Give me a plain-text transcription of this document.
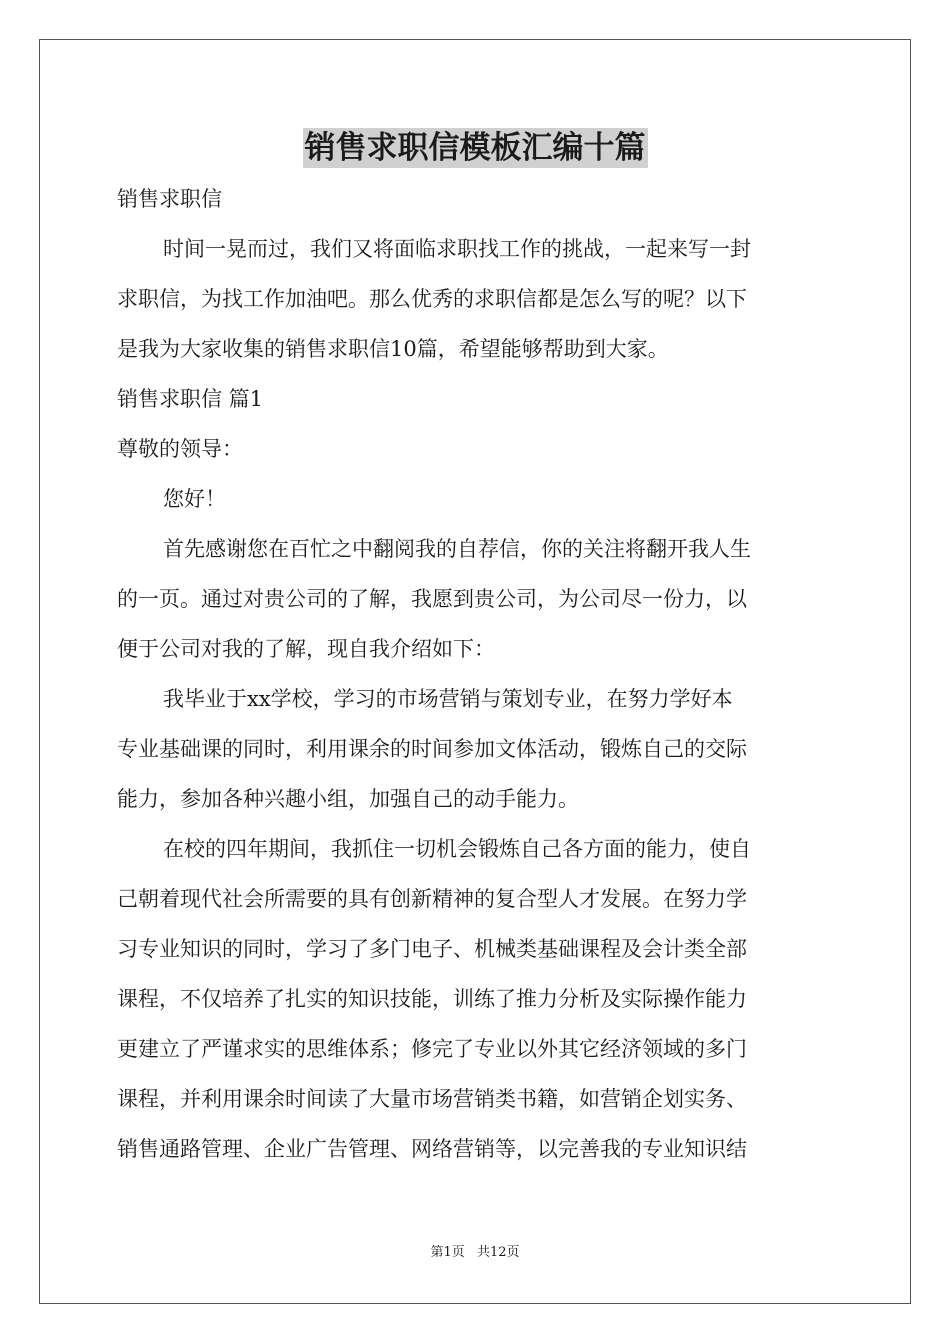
销售求职信模板汇编十篇
销售求职信
时间一晃而过，我们又将面临求职找工作的挑战，一起来写一封
求职信，为找工作加油吧。那么优秀的求职信都是怎么写的呢？以下
是我为大家收集的销售求职信10篇，希望能够帮助到大家。
销售求职信 篇1
尊敬的领导：
您好！
首先感谢您在百忙之中翻阅我的自荐信，你的关注将翻开我人生
的一页。通过对贵公司的了解，我愿到贵公司，为公司尽一份力，以
便于公司对我的了解，现自我介绍如下：
我毕业于xx学校，学习的市场营销与策划专业，在努力学好本
专业基础课的同时，利用课余的时间参加文体活动，锻炼自己的交际
能力，参加各种兴趣小组，加强自己的动手能力。
在校的四年期间，我抓住一切机会锻炼自己各方面的能力，使自
己朝着现代社会所需要的具有创新精神的复合型人才发展。在努力学
习专业知识的同时，学习了多门电子、机械类基础课程及会计类全部
课程，不仅培养了扎实的知识技能，训练了推力分析及实际操作能力
更建立了严谨求实的思维体系；修完了专业以外其它经济领域的多门
课程，并利用课余时间读了大量市场营销类书籍，如营销企划实务、
销售通路管理、企业广告管理、网络营销等，以完善我的专业知识结
第1页 共12页
